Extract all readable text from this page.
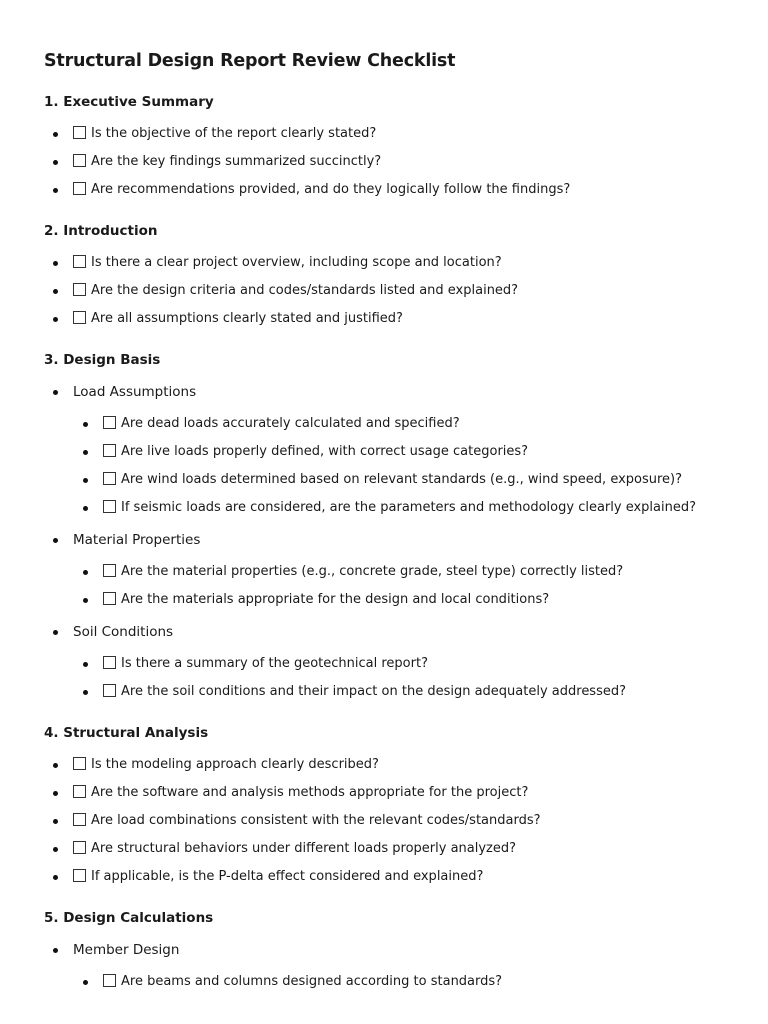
Structural Design Report Review Checklist
1. Executive Summary
Is the objective of the report clearly stated?
Are the key findings summarized succinctly?
Are recommendations provided, and do they logically follow the findings?
2. Introduction
Is there a clear project overview, including scope and location?
Are the design criteria and codes/standards listed and explained?
Are all assumptions clearly stated and justified?
3. Design Basis
Load Assumptions
Are dead loads accurately calculated and specified?
Are live loads properly defined, with correct usage categories?
Are wind loads determined based on relevant standards (e.g., wind speed, exposure)?
If seismic loads are considered, are the parameters and methodology clearly explained?
Material Properties
Are the material properties (e.g., concrete grade, steel type) correctly listed?
Are the materials appropriate for the design and local conditions?
Soil Conditions
Is there a summary of the geotechnical report?
Are the soil conditions and their impact on the design adequately addressed?
4. Structural Analysis
Is the modeling approach clearly described?
Are the software and analysis methods appropriate for the project?
Are load combinations consistent with the relevant codes/standards?
Are structural behaviors under different loads properly analyzed?
If applicable, is the P-delta effect considered and explained?
5. Design Calculations
Member Design
Are beams and columns designed according to standards?
